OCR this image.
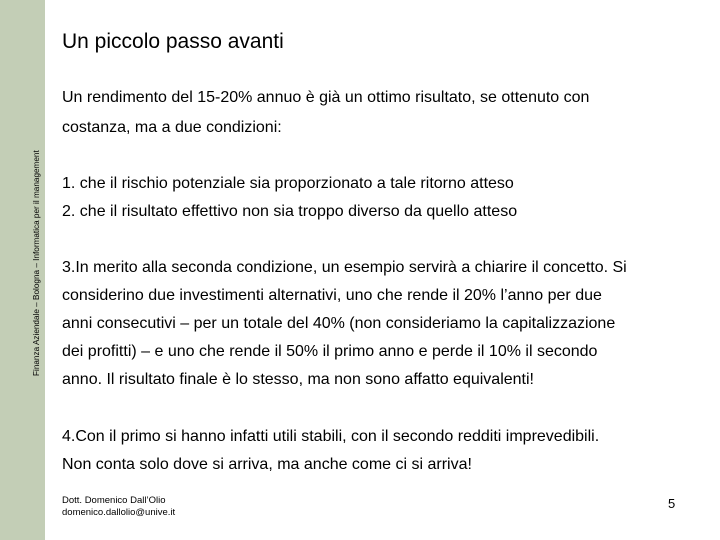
Finanza Aziendale – Bologna – Informatica per il management
Un piccolo passo avanti
Un rendimento del 15-20% annuo è già un ottimo risultato, se ottenuto con
costanza, ma a due condizioni:
1. che il rischio potenziale sia proporzionato a tale ritorno atteso
2. che il risultato effettivo non sia troppo diverso da quello atteso
3.In merito alla seconda condizione, un esempio servirà a chiarire il concetto. Si
considerino due investimenti alternativi, uno che rende il 20% l’anno per due
anni consecutivi – per un totale del 40% (non consideriamo la capitalizzazione
dei profitti) – e uno che rende il 50% il primo anno e perde il 10% il secondo
anno. Il risultato finale è lo stesso, ma non sono affatto equivalenti!
4.Con il primo si hanno infatti utili stabili, con il secondo redditi imprevedibili.
Non conta solo dove si arriva, ma anche come ci si arriva!
Dott. Domenico Dall’Olio
domenico.dallolio@unive.it
5
